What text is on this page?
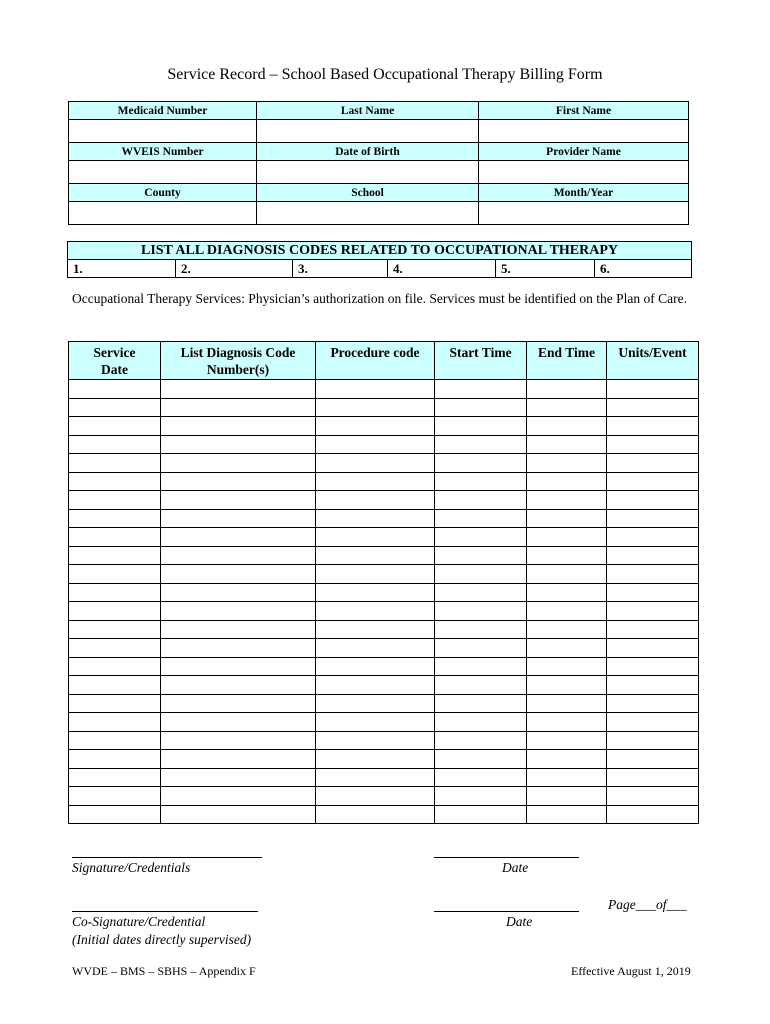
Service Record – School Based Occupational Therapy Billing Form
Medicaid Number	Last Name	First Name

WVEIS Number	Date of Birth	Provider Name

County	School	Month/Year

LIST ALL DIAGNOSIS CODES RELATED TO OCCUPATIONAL THERAPY
1.	2.	3.	4.	5.	6.
Occupational Therapy Services: Physician’s authorization on file. Services must be identified on the Plan of Care.
Service Date	List Diagnosis Code Number(s)	Procedure code	Start Time	End Time	Units/Event

Signature/Credentials	Date
Co-Signature/Credential
(Initial dates directly supervised)
Date
Page___of___
WVDE – BMS – SBHS – Appendix F	Effective August 1, 2019
